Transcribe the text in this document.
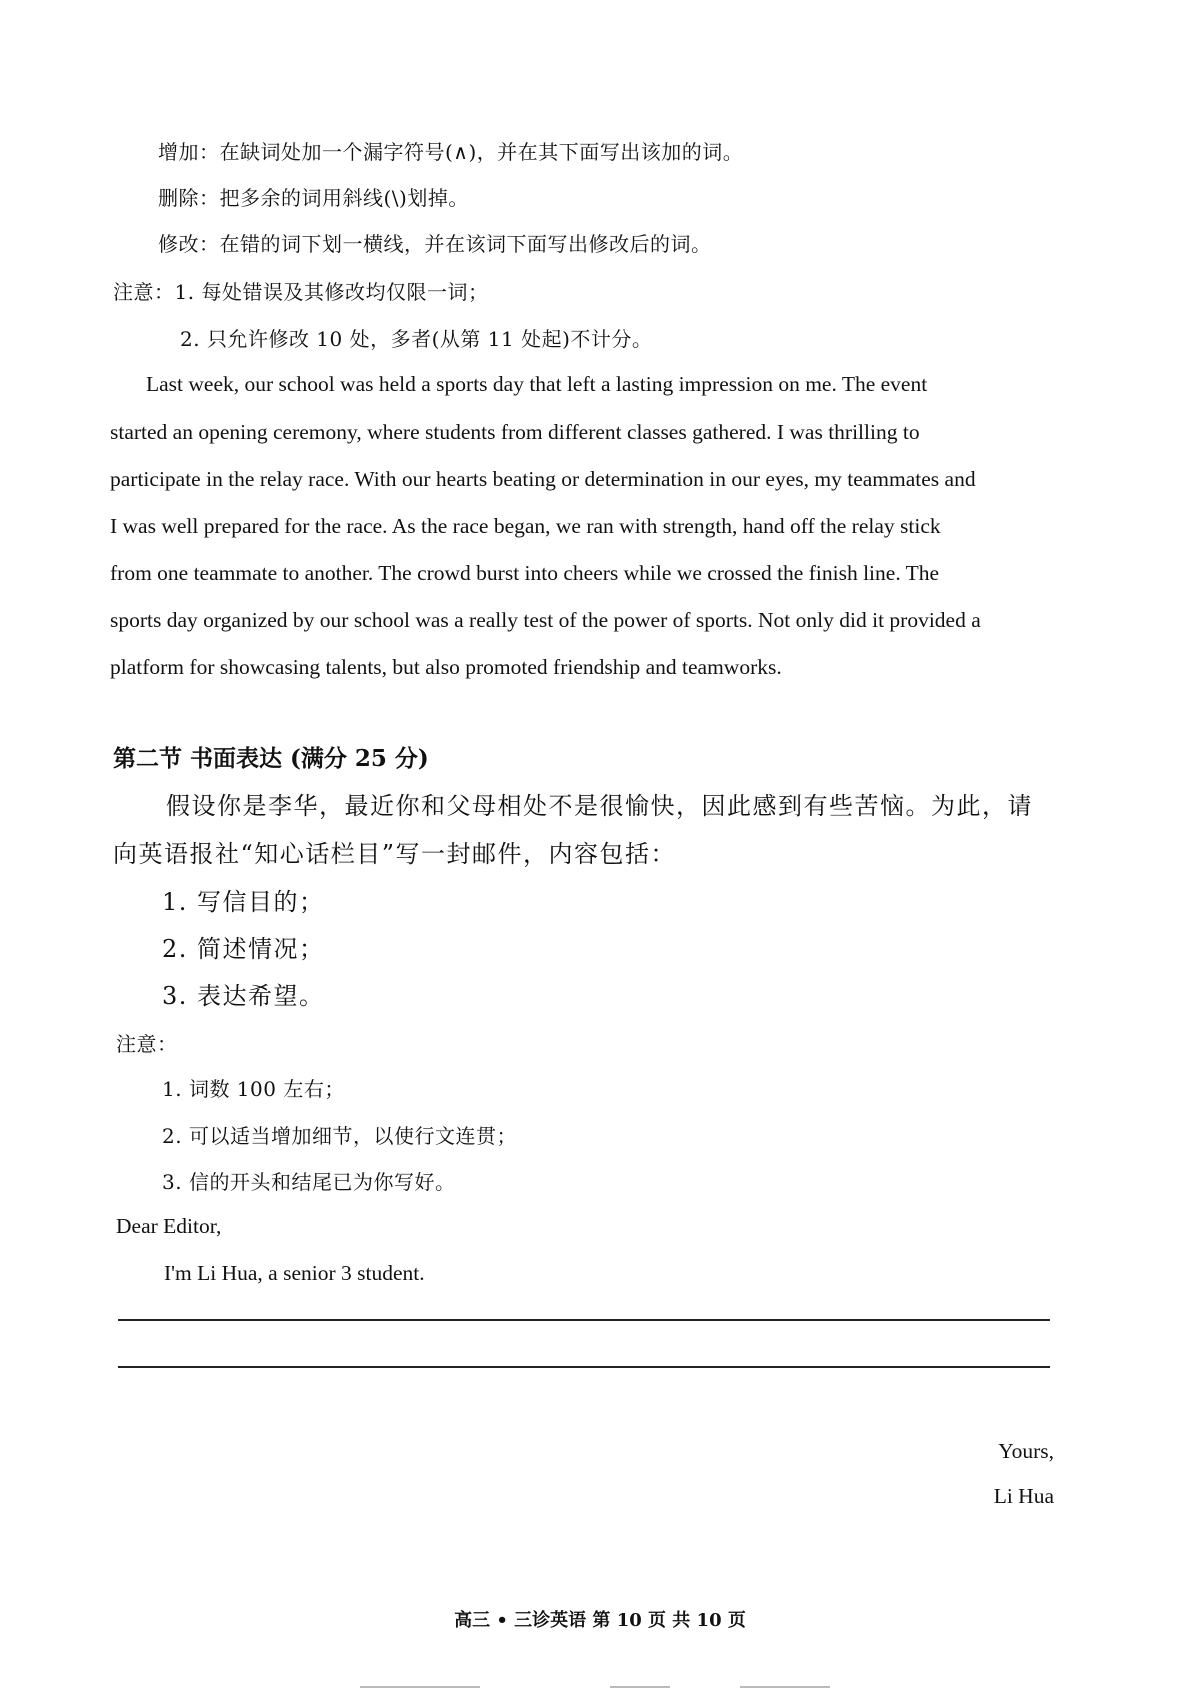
增加：在缺词处加一个漏字符号(∧)，并在其下面写出该加的词。
删除：把多余的词用斜线(\)划掉。
修改：在错的词下划一横线，并在该词下面写出修改后的词。
注意：1. 每处错误及其修改均仅限一词；
2. 只允许修改 10 处，多者(从第 11 处起)不计分。
Last week, our school was held a sports day that left a lasting impression on me. The event
started an opening ceremony, where students from different classes gathered. I was thrilling to
participate in the relay race. With our hearts beating or determination in our eyes, my teammates and
I was well prepared for the race. As the race began, we ran with strength, hand off the relay stick
from one teammate to another. The crowd burst into cheers while we crossed the finish line. The
sports day organized by our school was a really test of the power of sports. Not only did it provided a
platform for showcasing talents, but also promoted friendship and teamworks.
第二节 书面表达 (满分 25 分)
假设你是李华，最近你和父母相处不是很愉快，因此感到有些苦恼。为此，请
向英语报社“知心话栏目”写一封邮件，内容包括：
1. 写信目的；
2. 简述情况；
3. 表达希望。
注意：
1. 词数 100 左右；
2. 可以适当增加细节，以使行文连贯；
3. 信的开头和结尾已为你写好。
Dear Editor,
I'm Li Hua, a senior 3 student.
Yours,
Li Hua
高三 • 三诊英语 第 10 页 共 10 页
